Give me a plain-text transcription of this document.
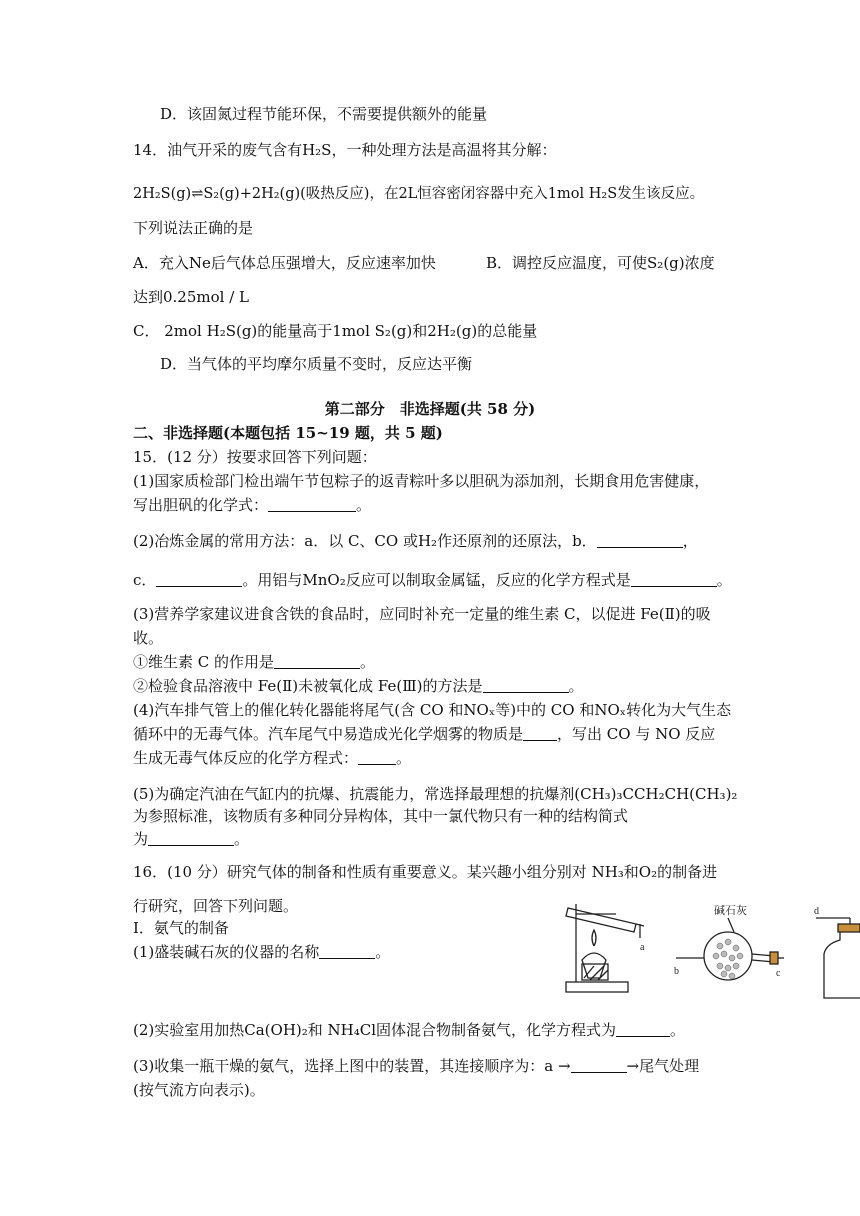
D．该固氮过程节能环保，不需要提供额外的能量
14．油气开采的废气含有H₂S，一种处理方法是高温将其分解：
2H₂S(g)⇌S₂(g)+2H₂(g)(吸热反应)，在2L恒容密闭容器中充入1mol H₂S发生该反应。
下列说法正确的是
A．充入Ne后气体总压强增大，反应速率加快	B．调控反应温度，可使S₂(g)浓度
达到0.25mol / L
C． 2mol H₂S(g)的能量高于1mol S₂(g)和2H₂(g)的总能量
D．当气体的平均摩尔质量不变时，反应达平衡
第二部分　非选择题(共 58 分)
二、非选择题(本题包括 15~19 题，共 5 题)
15．(12 分）按要求回答下列问题：
(1)国家质检部门检出端午节包粽子的返青粽叶多以胆矾为添加剂，长期食用危害健康，
写出胆矾的化学式：	。
(2)冶炼金属的常用方法：a．以 C、CO 或H₂作还原剂的还原法，b．	，
c．	。用铝与MnO₂反应可以制取金属锰，反应的化学方程式是	。
(3)营养学家建议进食含铁的食品时，应同时补充一定量的维生素 C，以促进 Fe(Ⅱ)的吸
收。
①维生素 C 的作用是	。
②检验食品溶液中 Fe(Ⅱ)未被氧化成 Fe(Ⅲ)的方法是	。
(4)汽车排气管上的催化转化器能将尾气(含 CO 和NOₓ等)中的 CO 和NOₓ转化为大气生态
循环中的无毒气体。汽车尾气中易造成光化学烟雾的物质是 ，写出 CO 与 NO 反应
生成无毒气体反应的化学方程式：	。
(5)为确定汽油在气缸内的抗爆、抗震能力，常选择最理想的抗爆剂(CH₃)₃CCH₂CH(CH₃)₂
为参照标准，该物质有多种同分异构体，其中一氯代物只有一种的结构简式
为	。
16．(10 分）研究气体的制备和性质有重要意义。某兴趣小组分别对 NH₃和O₂的制备进
行研究，回答下列问题。
Ⅰ．氨气的制备
(1)盛装碱石灰的仪器的名称	。	a
碱石灰
b	c
d
(2)实验室用加热Ca(OH)₂和 NH₄Cl固体混合物制备氨气，化学方程式为	。
(3)收集一瓶干燥的氨气，选择上图中的装置，其连接顺序为：a →	→尾气处理
(按气流方向表示)。
